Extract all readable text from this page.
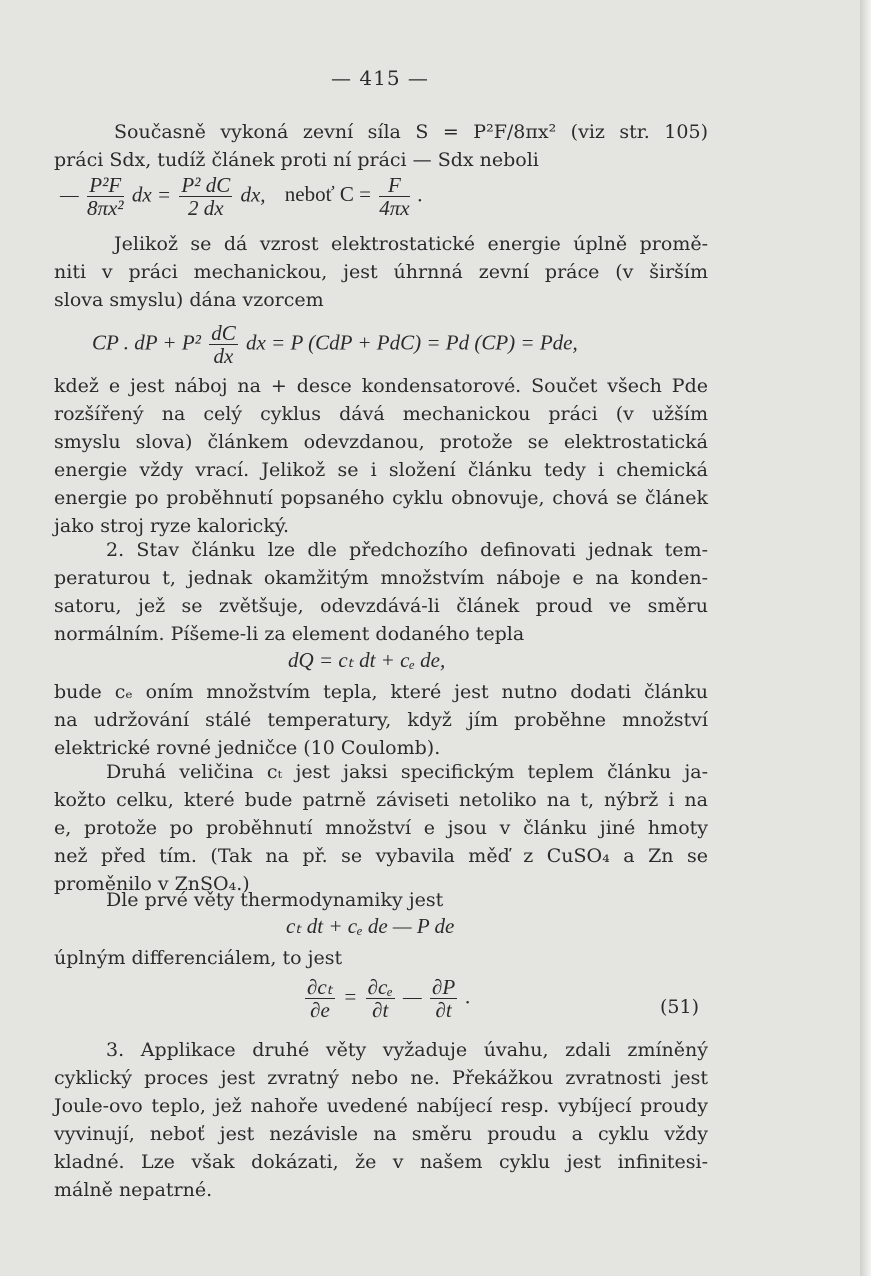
— 415 —
Současně vykoná zevní síla S = P²F/8πx² (viz str. 105)
práci Sdx, tudíž článek proti ní práci — Sdx neboli
— $\frac{\text{P²F}}{\text{8πx²}}$ dx = $\frac{\text{P² dC}}{2 dx}$ dx, neboť $C = \frac{F}{4\pi x}$ .
Jelikož se dá vzrost elektrostatické energie úplně promě-
niti v práci mechanickou, jest úhrnná zevní práce (v širším
slova smyslu) dána vzorcem
CP . dP + $P^2 \frac{dC}{dx}$ dx = P (CdP + PdC) = Pd (CP) = Pde,
kdež e jest náboj na + desce kondensatorové. Součet všech Pde
rozšířený na celý cyklus dává mechanickou práci (v užším
smyslu slova) článkem odevzdanou, protože se elektrostatická
energie vždy vrací. Jelikož se i složení článku tedy i chemická
energie po proběhnutí popsaného cyklu obnovuje, chová se článek
jako stroj ryze kalorický.
2. Stav článku lze dle předchozího definovati jednak tem-
peraturou t, jednak okamžitým množstvím náboje e na konden-
satoru, jež se zvětšuje, odevzdává-li článek proud ve směru
normálním. Píšeme-li za element dodaného tepla
dQ = cₜ dt + cₑ de,
bude cₑ oním množstvím tepla, které jest nutno dodati článku
na udržování stálé temperatury, když jím proběhne množství
elektrické rovné jedničce (10 Coulomb).
Druhá veličina cₜ jest jaksi specifickým teplem článku ja-
kožto celku, které bude patrně záviseti netoliko na t, nýbrž i na
e, protože po proběhnutí množství e jsou v článku jiné hmoty
než před tím. (Tak na př. se vybavila měď z CuSO₄ a Zn se
proměnilo v ZnSO₄.)
Dle prvé věty thermodynamiky jest
cₜ dt + cₑ de — P de
úplným differenciálem, to jest
$\frac{\text{∂cₜ}}{\partial e} = \frac{\text{∂cₑ}}{\partial t}$ — $\frac{\partial P}{\partial t}$ .	(51)
3. Applikace druhé věty vyžaduje úvahu, zdali zmíněný
cyklický proces jest zvratný nebo ne. Překážkou zvratnosti jest
Joule-ovo teplo, jež nahoře uvedené nabíjecí resp. vybíjecí proudy
vyvinují, neboť jest nezávisle na směru proudu a cyklu vždy
kladné. Lze však dokázati, že v našem cyklu jest infinitesi-
málně nepatrné.
